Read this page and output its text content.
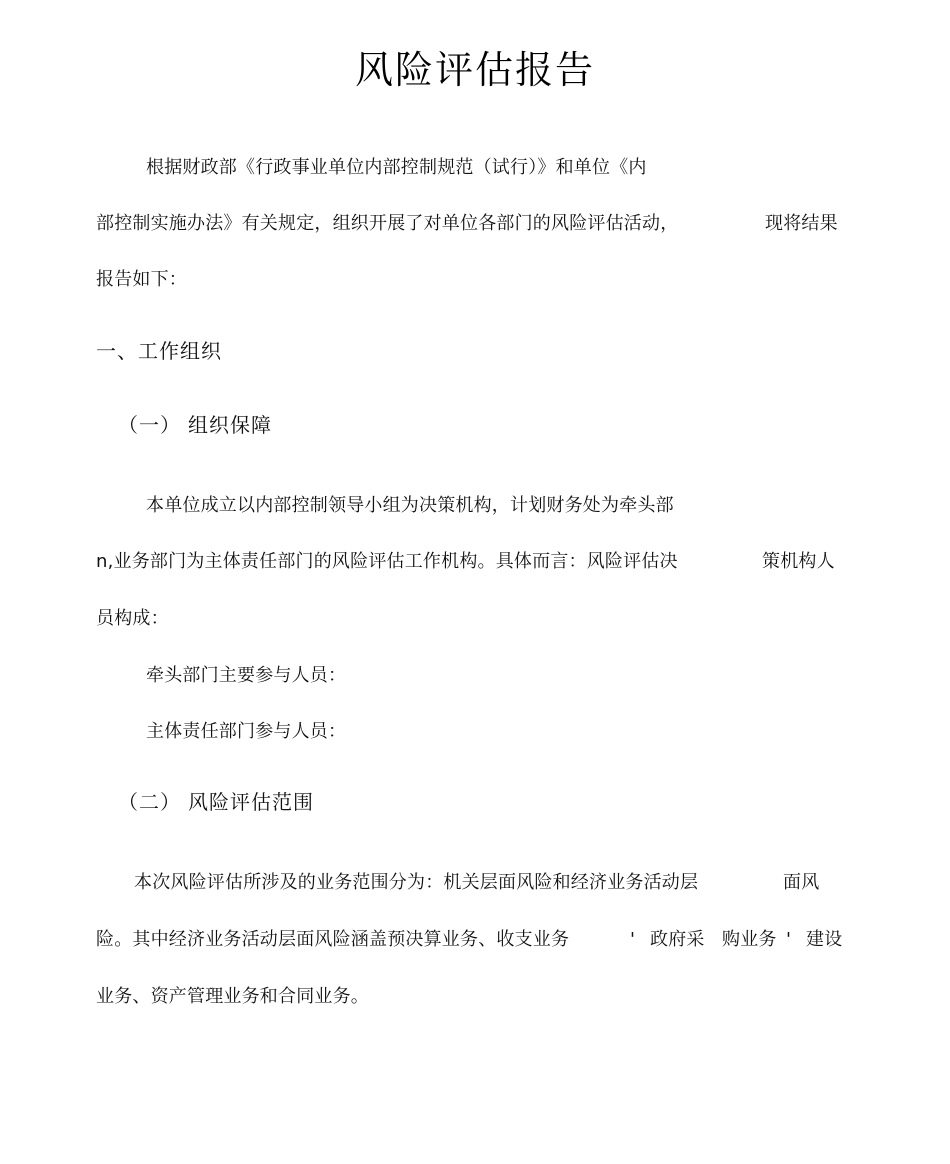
风险评估报告
根据财政部《行政事业单位内部控制规范（试行）》和单位《内
部控制实施办法》有关规定，组织开展了对单位各部门的风险评估活动，	现将结果
报告如下：
一、工作组织
（一） 组织保障
本单位成立以内部控制领导小组为决策机构，计划财务处为牵头部
n,业务部门为主体责任部门的风险评估工作机构。具体而言：风险评估决	策机构人
员构成：
牵头部门主要参与人员：
主体责任部门参与人员：
（二） 风险评估范围
本次风险评估所涉及的业务范围分为：机关层面风险和经济业务活动层	面风
险。其中经济业务活动层面风险涵盖预决算业务、收支业务	' 政府采 购业务 ' 建设
业务、资产管理业务和合同业务。
